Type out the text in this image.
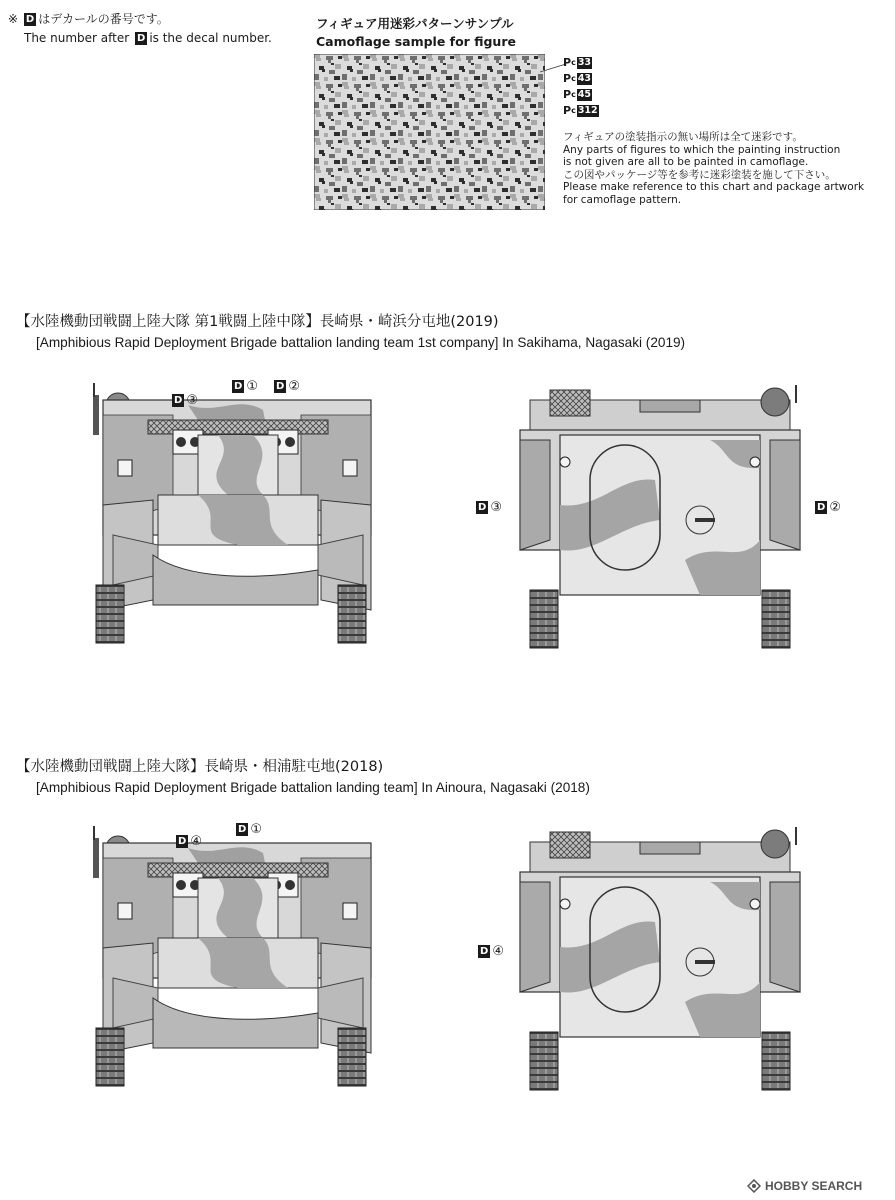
※ D はデカールの番号です。
The number after D is the decal number.
フィギュア用迷彩パターンサンプル
Camoflage sample for figure
P c 33
P c 43
P c 45
P c 312
フィギュアの塗装指示の無い場所は全て迷彩です。
Any parts of figures to which the painting instruction
is not given are all to be painted in camoflage.
この図やパッケージ等を参考に迷彩塗装を施して下さい。
Please make reference to this chart and package artwork
for camoflage pattern.
【水陸機動団戦闘上陸大隊 第1戦闘上陸中隊】長崎県・崎浜分屯地(2019)
[Amphibious Rapid Deployment Brigade battalion landing team 1st company] In Sakihama, Nagasaki (2019)
D ③
D ① D ②
D ③	D ②
【水陸機動団戦闘上陸大隊】長崎県・相浦駐屯地(2018)
[Amphibious Rapid Deployment Brigade battalion landing team] In Ainoura, Nagasaki (2018)
D ④
D ①
D ④
HOBBY SEARCH
